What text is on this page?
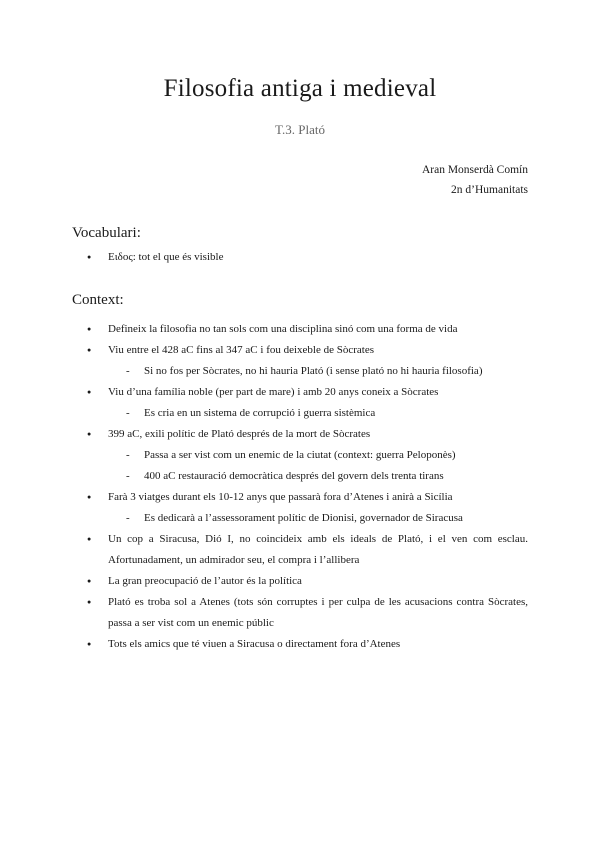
Filosofia antiga i medieval
T.3. Plató
Aran Monserdà Comín
2n d’Humanitats
Vocabulari:
● Ειδος: tot el que és visible
Context:
● Defineix la filosofia no tan sols com una disciplina sinó com una forma de vida
● Viu entre el 428 aC fins al 347 aC i fou deixeble de Sòcrates
- Si no fos per Sòcrates, no hi hauria Plató (i sense plató no hi hauria filosofia)
● Viu d’una família noble (per part de mare) i amb 20 anys coneix a Sòcrates
- Es cria en un sistema de corrupció i guerra sistèmica
● 399 aC, exili polític de Plató després de la mort de Sòcrates
- Passa a ser vist com un enemic de la ciutat (context: guerra Peloponès)
- 400 aC restauració democràtica després del govern dels trenta tirans
● Farà 3 viatges durant els 10-12 anys que passarà fora d’Atenes i anirà a Sicília
- Es dedicarà a l’assessorament polític de Dionisi, governador de Siracusa
● Un cop a Siracusa, Dió I, no coincideix amb els ideals de Plató, i el ven com esclau. Afortunadament, un admirador seu, el compra i l’allibera
● La gran preocupació de l’autor és la política
● Plató es troba sol a Atenes (tots són corruptes i per culpa de les acusacions contra Sòcrates, passa a ser vist com un enemic públic
● Tots els amics que té viuen a Siracusa o directament fora d’Atenes
